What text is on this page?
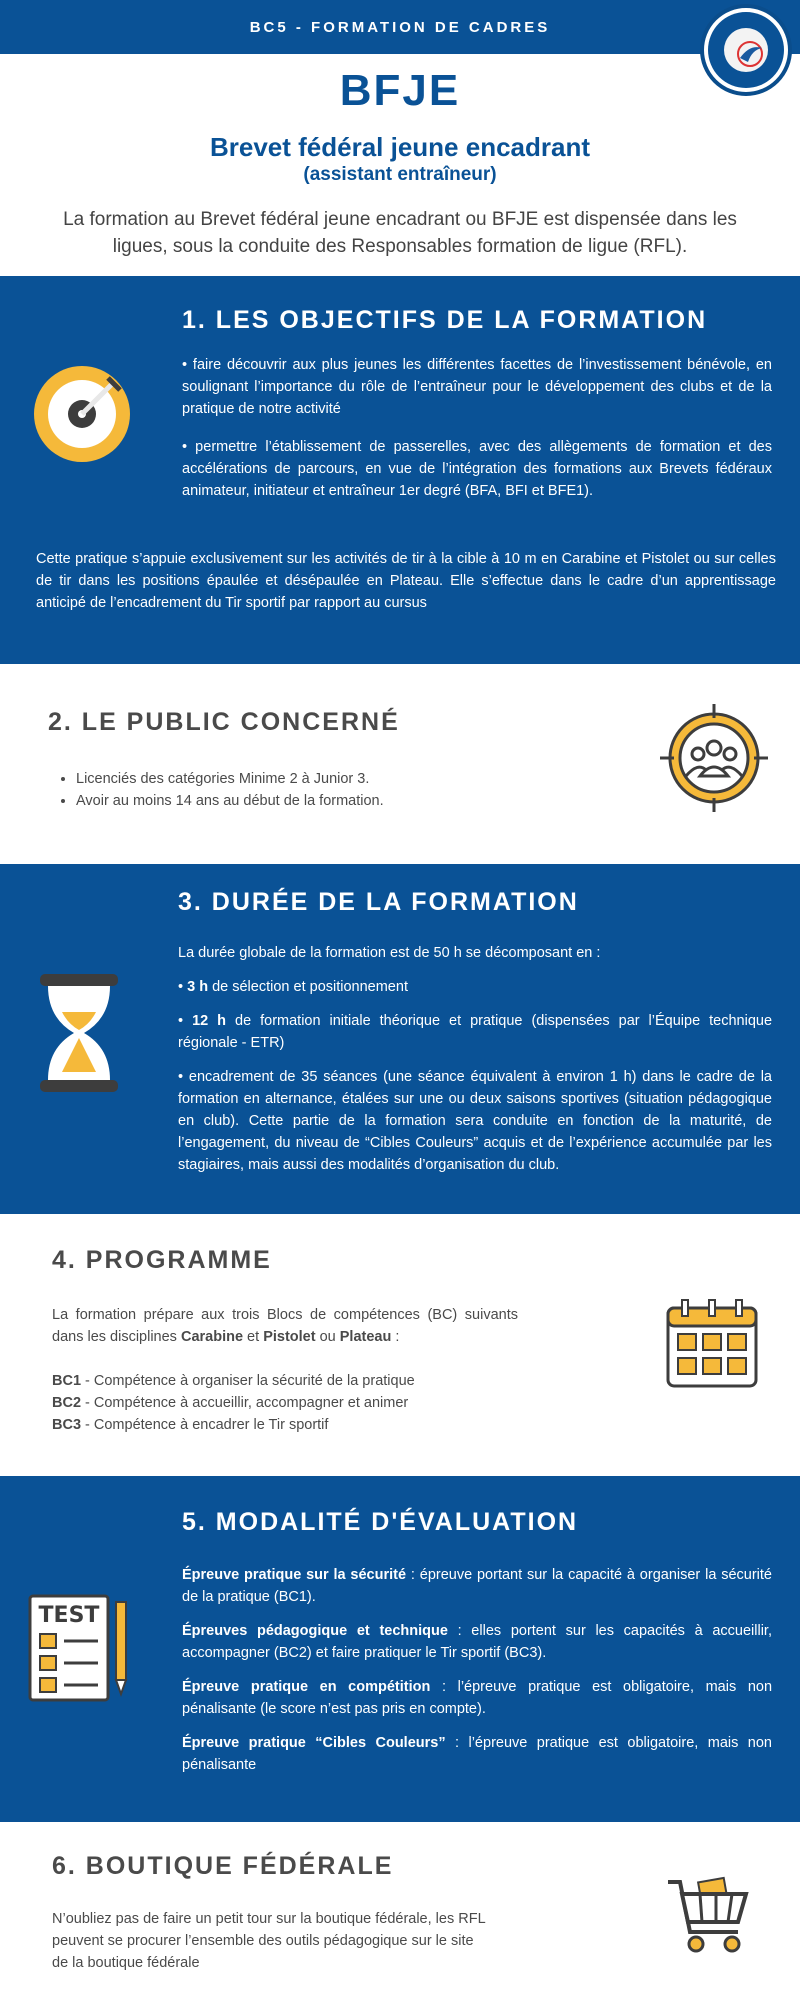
BC5 - FORMATION DE CADRES
BFJE
Brevet fédéral jeune encadrant
(assistant entraîneur)
La formation au Brevet fédéral jeune encadrant ou BFJE est dispensée dans les ligues, sous la conduite des Responsables formation de ligue (RFL).
1. LES OBJECTIFS DE LA FORMATION

• faire découvrir aux plus jeunes les différentes facettes de l’investissement bénévole, en soulignant l’importance du rôle de l’entraîneur pour le développement des clubs et de la pratique de notre activité

• permettre l’établissement de passerelles, avec des allègements de formation et des accélérations de parcours, en vue de l’intégration des formations aux Brevets fédéraux animateur, initiateur et entraîneur 1er degré (BFA, BFI et BFE1).

Cette pratique s’appuie exclusivement sur les activités de tir à la cible à 10 m en Carabine et Pistolet ou sur celles de tir dans les positions épaulée et désépaulée en Plateau. Elle s’effectue dans le cadre d’un apprentissage anticipé de l’encadrement du Tir sportif par rapport au cursus
2. LE PUBLIC CONCERNÉ
• Licenciés des catégories Minime 2 à Junior 3.
• Avoir au moins 14 ans au début de la formation.
3. DURÉE DE LA FORMATION

La durée globale de la formation est de 50 h se décomposant en :

• 3 h de sélection et positionnement

• 12 h de formation initiale théorique et pratique (dispensées par l’Équipe technique régionale - ETR)

• encadrement de 35 séances (une séance équivalent à environ 1 h) dans le cadre de la formation en alternance, étalées sur une ou deux saisons sportives (situation pédagogique en club). Cette partie de la formation sera conduite en fonction de la maturité, de l’engagement, du niveau de “Cibles Couleurs” acquis et de l’expérience accumulée par les stagiaires, mais aussi des modalités d’organisation du club.

4. PROGRAMME
La formation prépare aux trois Blocs de compétences (BC) suivants dans les disciplines Carabine et Pistolet ou Plateau :
BC1 - Compétence à organiser la sécurité de la pratique
BC2 - Compétence à accueillir, accompagner et animer
BC3 - Compétence à encadrer le Tir sportif
5. MODALITÉ D'ÉVALUATION
TEST

Épreuve pratique sur la sécurité : épreuve portant sur la capacité à organiser la sécurité de la pratique (BC1).

Épreuves pédagogique et technique : elles portent sur les capacités à accueillir, accompagner (BC2) et faire pratiquer le Tir sportif (BC3).

Épreuve pratique en compétition : l’épreuve pratique est obligatoire, mais non pénalisante (le score n’est pas pris en compte).

Épreuve pratique “Cibles Couleurs” : l’épreuve pratique est obligatoire, mais non pénalisante

6. BOUTIQUE FÉDÉRALE
N’oubliez pas de faire un petit tour sur la boutique fédérale, les RFL peuvent se procurer l’ensemble des outils pédagogique sur le site de la boutique fédérale
